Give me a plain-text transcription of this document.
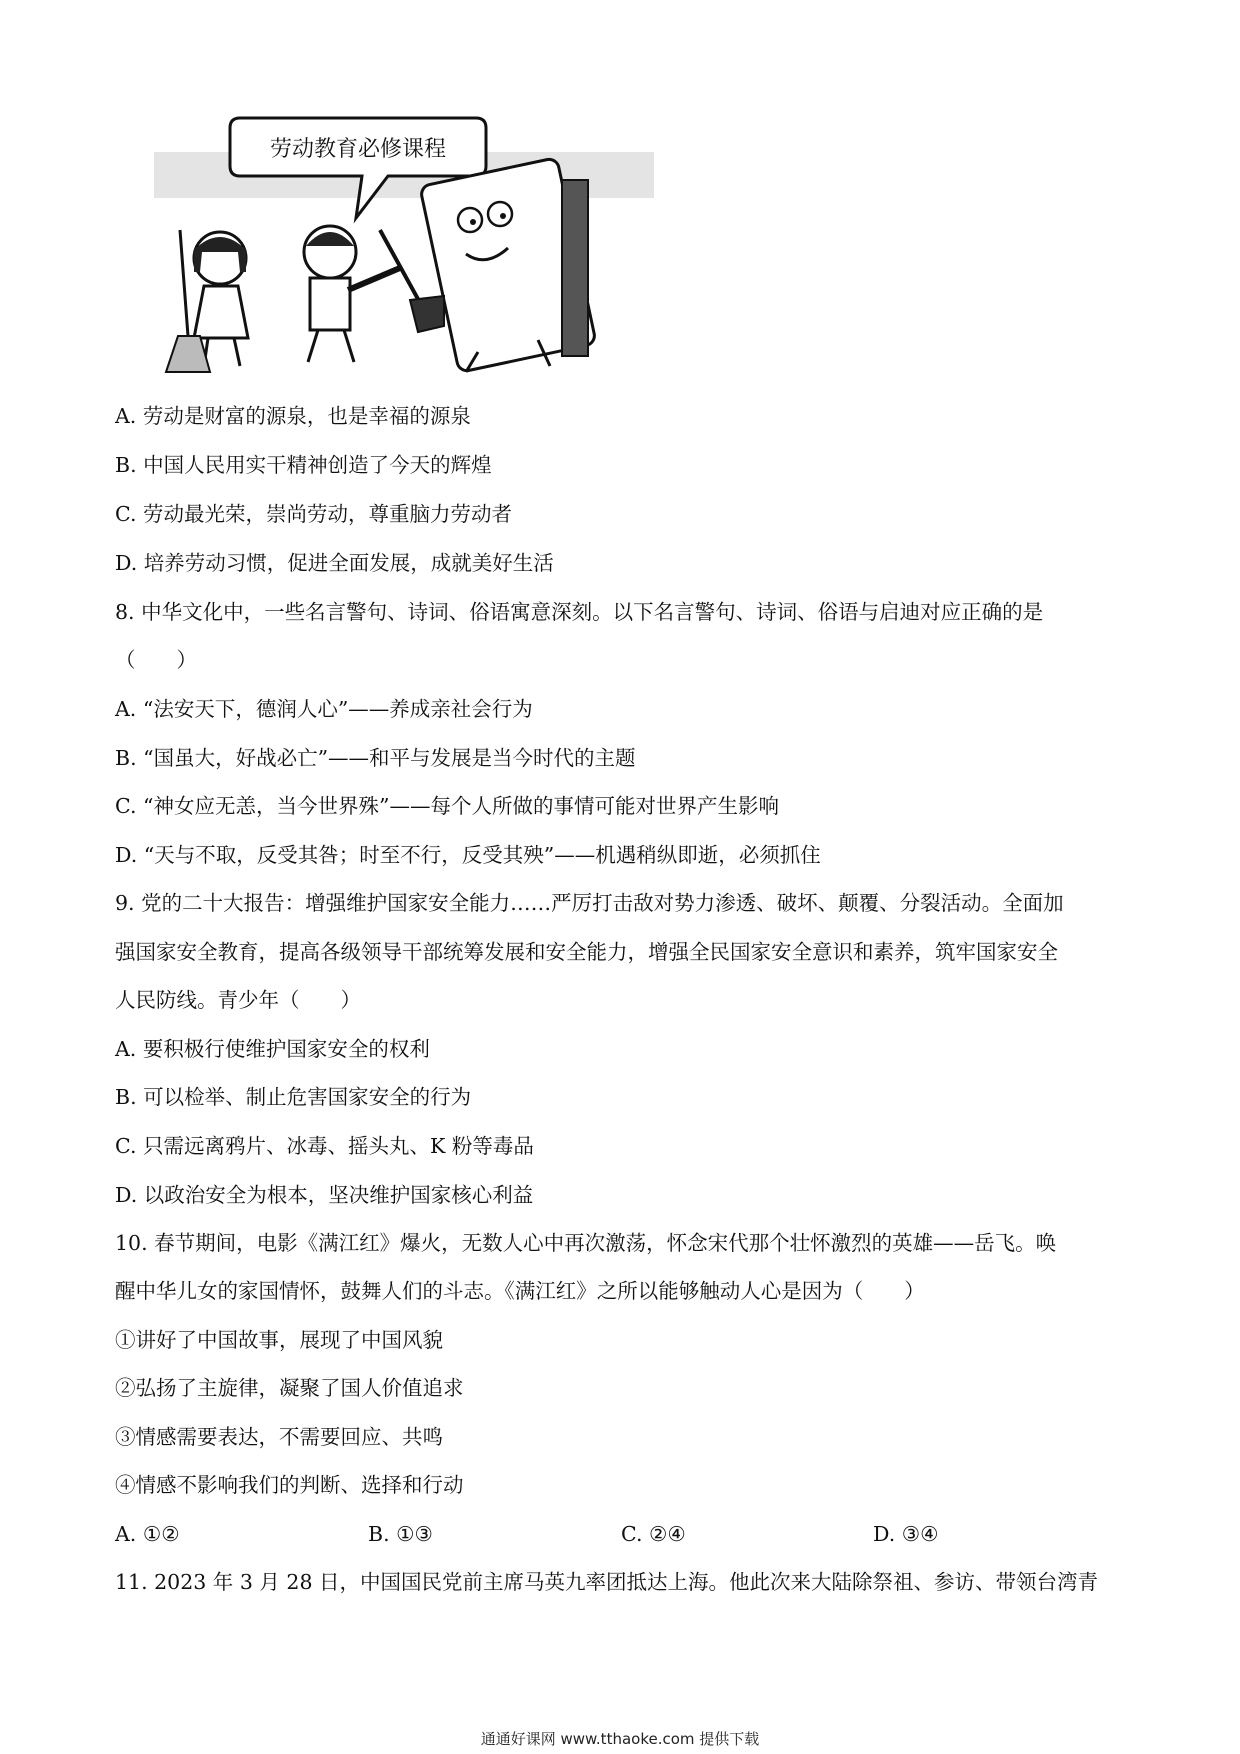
劳动教育必修课程
A. 劳动是财富的源泉，也是幸福的源泉
B. 中国人民用实干精神创造了今天的辉煌
C. 劳动最光荣，崇尚劳动，尊重脑力劳动者
D. 培养劳动习惯，促进全面发展，成就美好生活
8. 中华文化中，一些名言警句、诗词、俗语寓意深刻。以下名言警句、诗词、俗语与启迪对应正确的是
（　　）
A. “法安天下，德润人心”——养成亲社会行为
B. “国虽大，好战必亡”——和平与发展是当今时代的主题
C. “神女应无恙，当今世界殊”——每个人所做的事情可能对世界产生影响
D. “天与不取，反受其咎；时至不行，反受其殃”——机遇稍纵即逝，必须抓住
9. 党的二十大报告：增强维护国家安全能力……严厉打击敌对势力渗透、破坏、颠覆、分裂活动。全面加
强国家安全教育，提高各级领导干部统筹发展和安全能力，增强全民国家安全意识和素养，筑牢国家安全
人民防线。青少年（　　）
A. 要积极行使维护国家安全的权利
B. 可以检举、制止危害国家安全的行为
C. 只需远离鸦片、冰毒、摇头丸、K 粉等毒品
D. 以政治安全为根本，坚决维护国家核心利益
10. 春节期间，电影《满江红》爆火，无数人心中再次激荡，怀念宋代那个壮怀激烈的英雄——岳飞。唤
醒中华儿女的家国情怀，鼓舞人们的斗志。《满江红》之所以能够触动人心是因为（　　）
①讲好了中国故事，展现了中国风貌
②弘扬了主旋律，凝聚了国人价值追求
③情感需要表达，不需要回应、共鸣
④情感不影响我们的判断、选择和行动
A. ①②	B. ①③	C. ②④	D. ③④
11. 2023 年 3 月 28 日，中国国民党前主席马英九率团抵达上海。他此次来大陆除祭祖、参访、带领台湾青
通通好课网 www.tthaoke.com 提供下载
